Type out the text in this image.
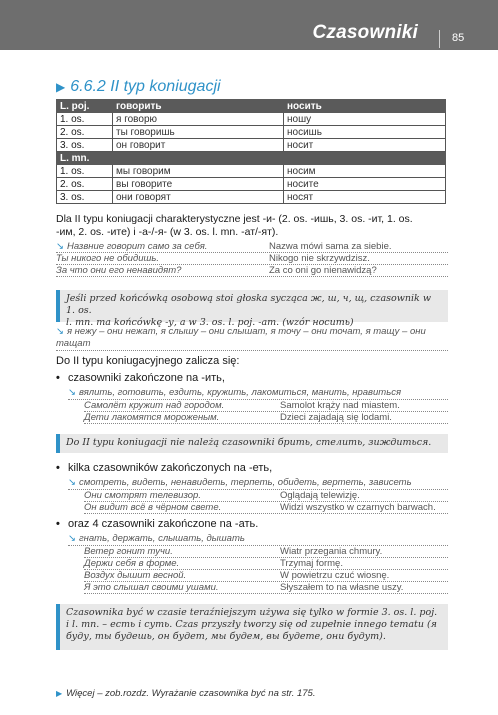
Czasowniki	85
▶ 6.6.2 II typ koniugacji
L. poj.	говорить	носить
1. os.	я говорю	ношу
2. os.	ты говоришь	носишь
3. os.	он говорит	носит
L. mn.		
1. os.	мы говорим	носим
2. os.	вы говорите	носите
3. os.	они говорят	носят
Dla II typu koniugacji charakterystyczne jest -и- (2. os. -ишь, 3. os. -ит, 1. os.
-им, 2. os. -ите) i -а-/-я- (w 3. os. l. mn. -ат/-ят).
↘ Назвние говорит само за себя.	Nazwa mówi sama za siebie.
Ты никого не обидишь.	Nikogo nie skrzywdzisz.
За что они его ненавидят?	Za co oni go nienawidzą?
Jeśli przed końcówką osobową stoi głoska sycząca ж, ш, ч, щ, czasownik w 1. os.
l. mn. ma końcówkę -у, a w 3. os. l. poj. -ат. (wzór носить)
↘ я нежу – они нежат, я слышу – они слышат, я точу – они точат, я тащу – они
тащат
Do II typu koniugacyjnego zalicza się:
• czasowniki zakończone na -ить,
↘ вялить, готовить, ездить, кружить, лакомиться, манить, нравиться
Самолёт кружит над городом.	Samolot krąży nad miastem.
Дети лакомятся мороженым.	Dzieci zajadają się lodami.
Do II typu koniugacji nie należą czasowniki брить, стелить, зиждиться.
• kilka czasowników zakończonych na -еть,
↘ смотреть, видеть, ненавидеть, терпеть, обидеть, вертеть, зависеть
Они смотрят телевизор.	Oglądają telewizję.
Он видит всё в чёрном свете.	Widzi wszystko w czarnych barwach.
• oraz 4 czasowniki zakończone na -ать.
↘ гнать, держать, слышать, дышать
Ветер гонит тучи.	Wiatr przegania chmury.
Держи себя в форме.	Trzymaj formę.
Воздух дышит весной.	W powietrzu czuć wiosnę.
Я это слышал своими ушами.	Słyszałem to na własne uszy.
Czasownika być w czasie teraźniejszym używa się tylko w formie 3. os. l. poj.
i l. mn. – есть i суть. Czas przyszły tworzy się od zupełnie innego tematu (я
буду, ты будешь, он будет, мы будем, вы будете, они будут).
▶ Więcej – zob.rozdz. Wyrażanie czasownika być na str. 175.
